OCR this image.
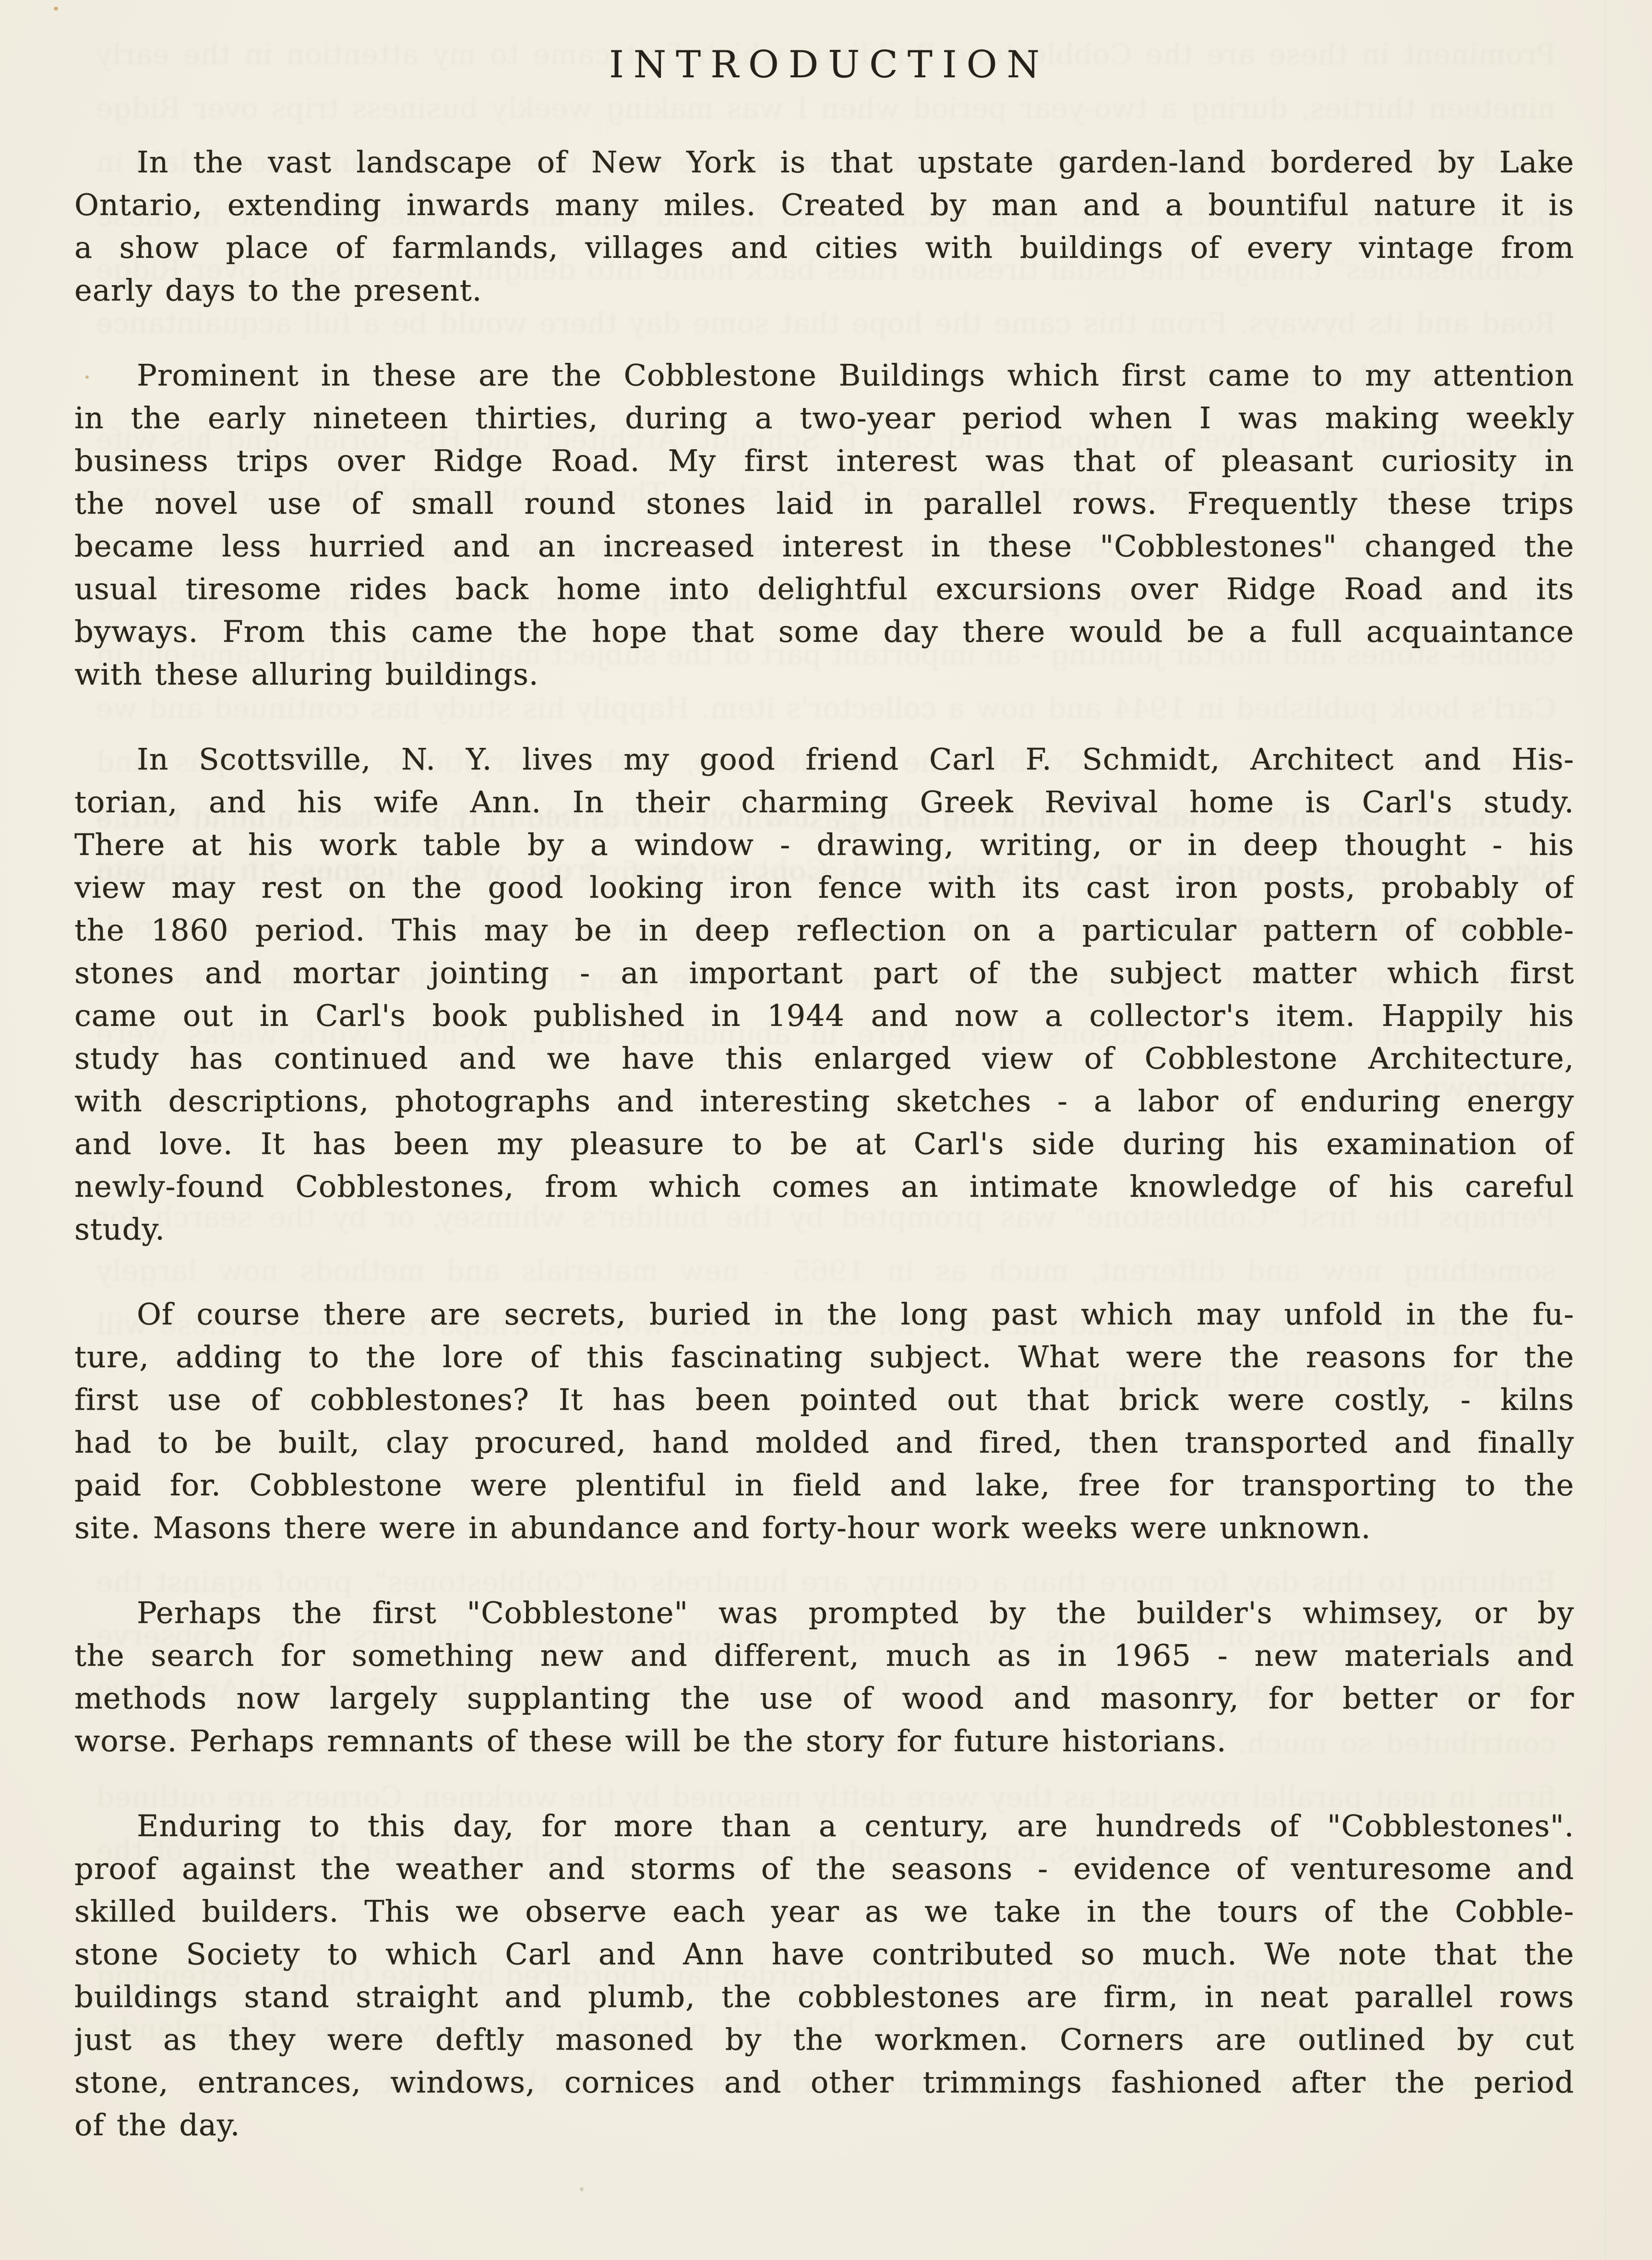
INTRODUCTION
In the vast landscape of New York is that upstate garden-land bordered by Lake
Ontario, extending inwards many miles. Created by man and a bountiful nature it is
a show place of farmlands, villages and cities with buildings of every vintage from
early days to the present.
Prominent in these are the Cobblestone Buildings which first came to my attention
in the early nineteen thirties, during a two-year period when I was making weekly
business trips over Ridge Road. My first interest was that of pleasant curiosity in
the novel use of small round stones laid in parallel rows. Frequently these trips
became less hurried and an increased interest in these "Cobblestones" changed the
usual tiresome rides back home into delightful excursions over Ridge Road and its
byways. From this came the hope that some day there would be a full acquaintance
with these alluring buildings.
In Scottsville, N. Y. lives my good friend Carl F. Schmidt, Architect and His-
torian, and his wife Ann. In their charming Greek Revival home is Carl's study.
There at his work table by a window - drawing, writing, or in deep thought - his
view may rest on the good looking iron fence with its cast iron posts, probably of
the 1860 period. This may be in deep reflection on a particular pattern of cobble-
stones and mortar jointing - an important part of the subject matter which first
came out in Carl's book published in 1944 and now a collector's item. Happily his
study has continued and we have this enlarged view of Cobblestone Architecture,
with descriptions, photographs and interesting sketches - a labor of enduring energy
and love. It has been my pleasure to be at Carl's side during his examination of
newly-found Cobblestones, from which comes an intimate knowledge of his careful
study.
Of course there are secrets, buried in the long past which may unfold in the fu-
ture, adding to the lore of this fascinating subject. What were the reasons for the
first use of cobblestones? It has been pointed out that brick were costly, - kilns
had to be built, clay procured, hand molded and fired, then transported and finally
paid for. Cobblestone were plentiful in field and lake, free for transporting to the
site. Masons there were in abundance and forty-hour work weeks were unknown.
Perhaps the first "Cobblestone" was prompted by the builder's whimsey, or by
the search for something new and different, much as in 1965 - new materials and
methods now largely supplanting the use of wood and masonry, for better or for
worse. Perhaps remnants of these will be the story for future historians.
Enduring to this day, for more than a century, are hundreds of "Cobblestones".
proof against the weather and storms of the seasons - evidence of venturesome and
skilled builders. This we observe each year as we take in the tours of the Cobble-
stone Society to which Carl and Ann have contributed so much. We note that the
buildings stand straight and plumb, the cobblestones are firm, in neat parallel rows
just as they were deftly masoned by the workmen. Corners are outlined by cut
stone, entrances, windows, cornices and other trimmings fashioned after the period
of the day.
